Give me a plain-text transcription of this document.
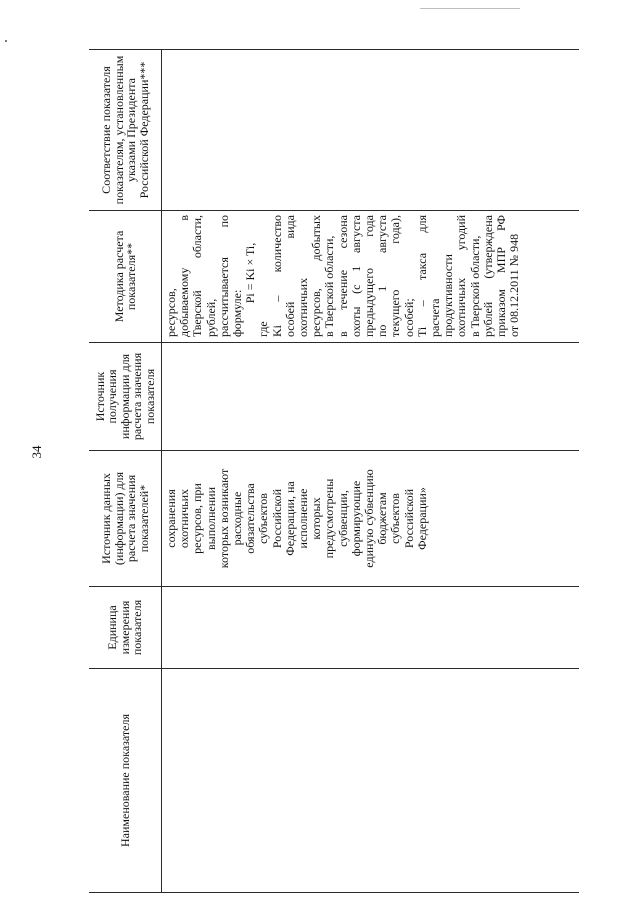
34
Наименование показателя
Единица измерения показателя
Источник данных (информации) для расчета значения показателей*	сохранения охотничьих ресурсов, при выполнении которых возникают расходные обязательства субъектов Российской Федерации, на исполнение которых предусмотрены субвенции, формирующие единую субвенцию бюджетам субъектов Российской Федерации»
Источник получения информации для расчета значения показателя
Методика расчета показателя**
ресурсов, добываемому
в
Тверской
области,
рублей, рассчитывается
по
формуле:
Pi = Ki × Ti,
где Ki
–
количество
особей
вида
охотничьих ресурсов,
добытых в Тверской области, в
течение
сезона
охоты
(с
1
августа
предыдущего
года
по
1
августа
текущего
года),
особей; Ti
–
такса
для
расчета продуктивности охотничьих
угодий
в Тверской области, рублей
(утверждена
приказом
МПР
РФ
от 08.12.2011 № 948
Соответствие показателя показателям, установленным указами Президента Российской Федерации***
